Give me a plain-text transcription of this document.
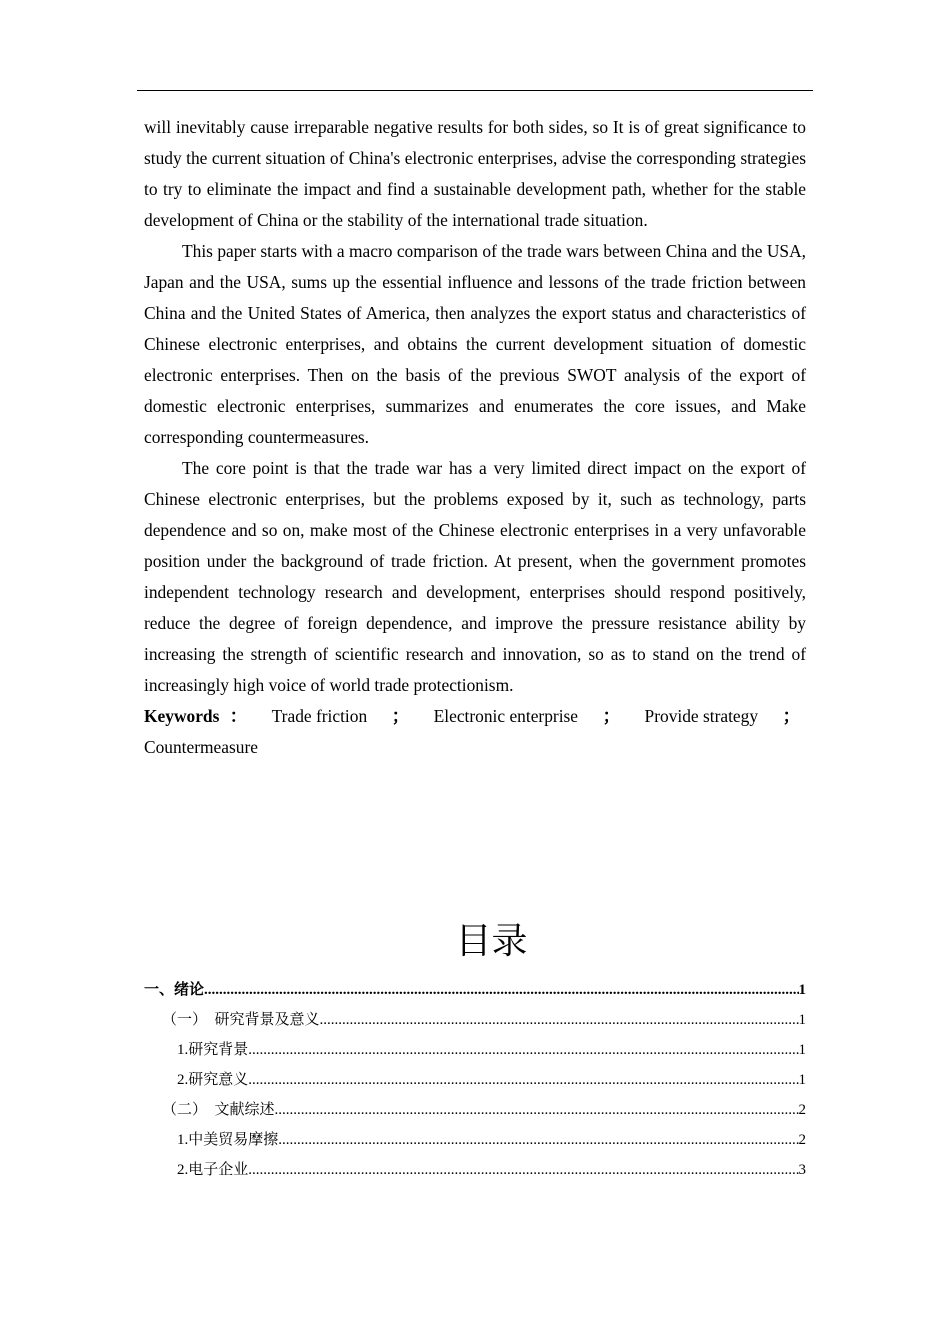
will inevitably cause irreparable negative results for both sides, so It is of great significance to study the current situation of China's electronic enterprises, advise the corresponding strategies to try to eliminate the impact and find a sustainable development path, whether for the stable development of China or the stability of the international trade situation.

This paper starts with a macro comparison of the trade wars between China and the USA, Japan and the USA, sums up the essential influence and lessons of the trade friction between China and the United States of America, then analyzes the export status and characteristics of Chinese electronic enterprises, and obtains the current development situation of domestic electronic enterprises. Then on the basis of the previous SWOT analysis of the export of domestic electronic enterprises, summarizes and enumerates the core issues, and Make corresponding countermeasures.

The core point is that the trade war has a very limited direct impact on the export of Chinese electronic enterprises, but the problems exposed by it, such as technology, parts dependence and so on, make most of the Chinese electronic enterprises in a very unfavorable position under the background of trade friction. At present, when the government promotes independent technology research and development, enterprises should respond positively, reduce the degree of foreign dependence, and improve the pressure resistance ability by increasing the strength of scientific research and innovation, so as to stand on the trend of increasingly high voice of world trade protectionism.

Keywords ：	Trade friction ； Electronic enterprise ； Provide strategy ；
Countermeasure
目录
一、绪论 .....	1
（一）  研究背景及意义 .....	1
1.研究背景 .....	1
2.研究意义 .....	1
（二）  文献综述 .....	2
1.中美贸易摩擦 .....	2
2.电子企业 .....	3
